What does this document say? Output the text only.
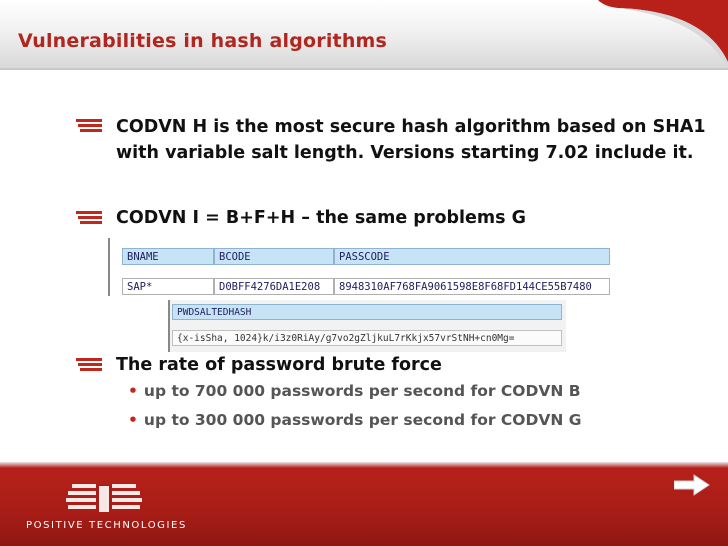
Vulnerabilities in hash algorithms
CODVN H is the most secure hash algorithm based on SHA1 with variable salt length. Versions starting 7.02 include it.
CODVN I = B+F+H – the same problems G
BNAME	BCODE	PASSCODE
SAP*	D0BFF4276DA1E208	8948310AF768FA9061598E8F68FD144CE55B7480
PWDSALTEDHASH
{x-isSha, 1024}k/i3z0RiAy/g7vo2gZljkuL7rKkjx57vrStNH+cn0Mg=
The rate of password brute force
• up to 700 000 passwords per second for CODVN B
• up to 300 000 passwords per second for CODVN G
POSITIVE TECHNOLOGIES
